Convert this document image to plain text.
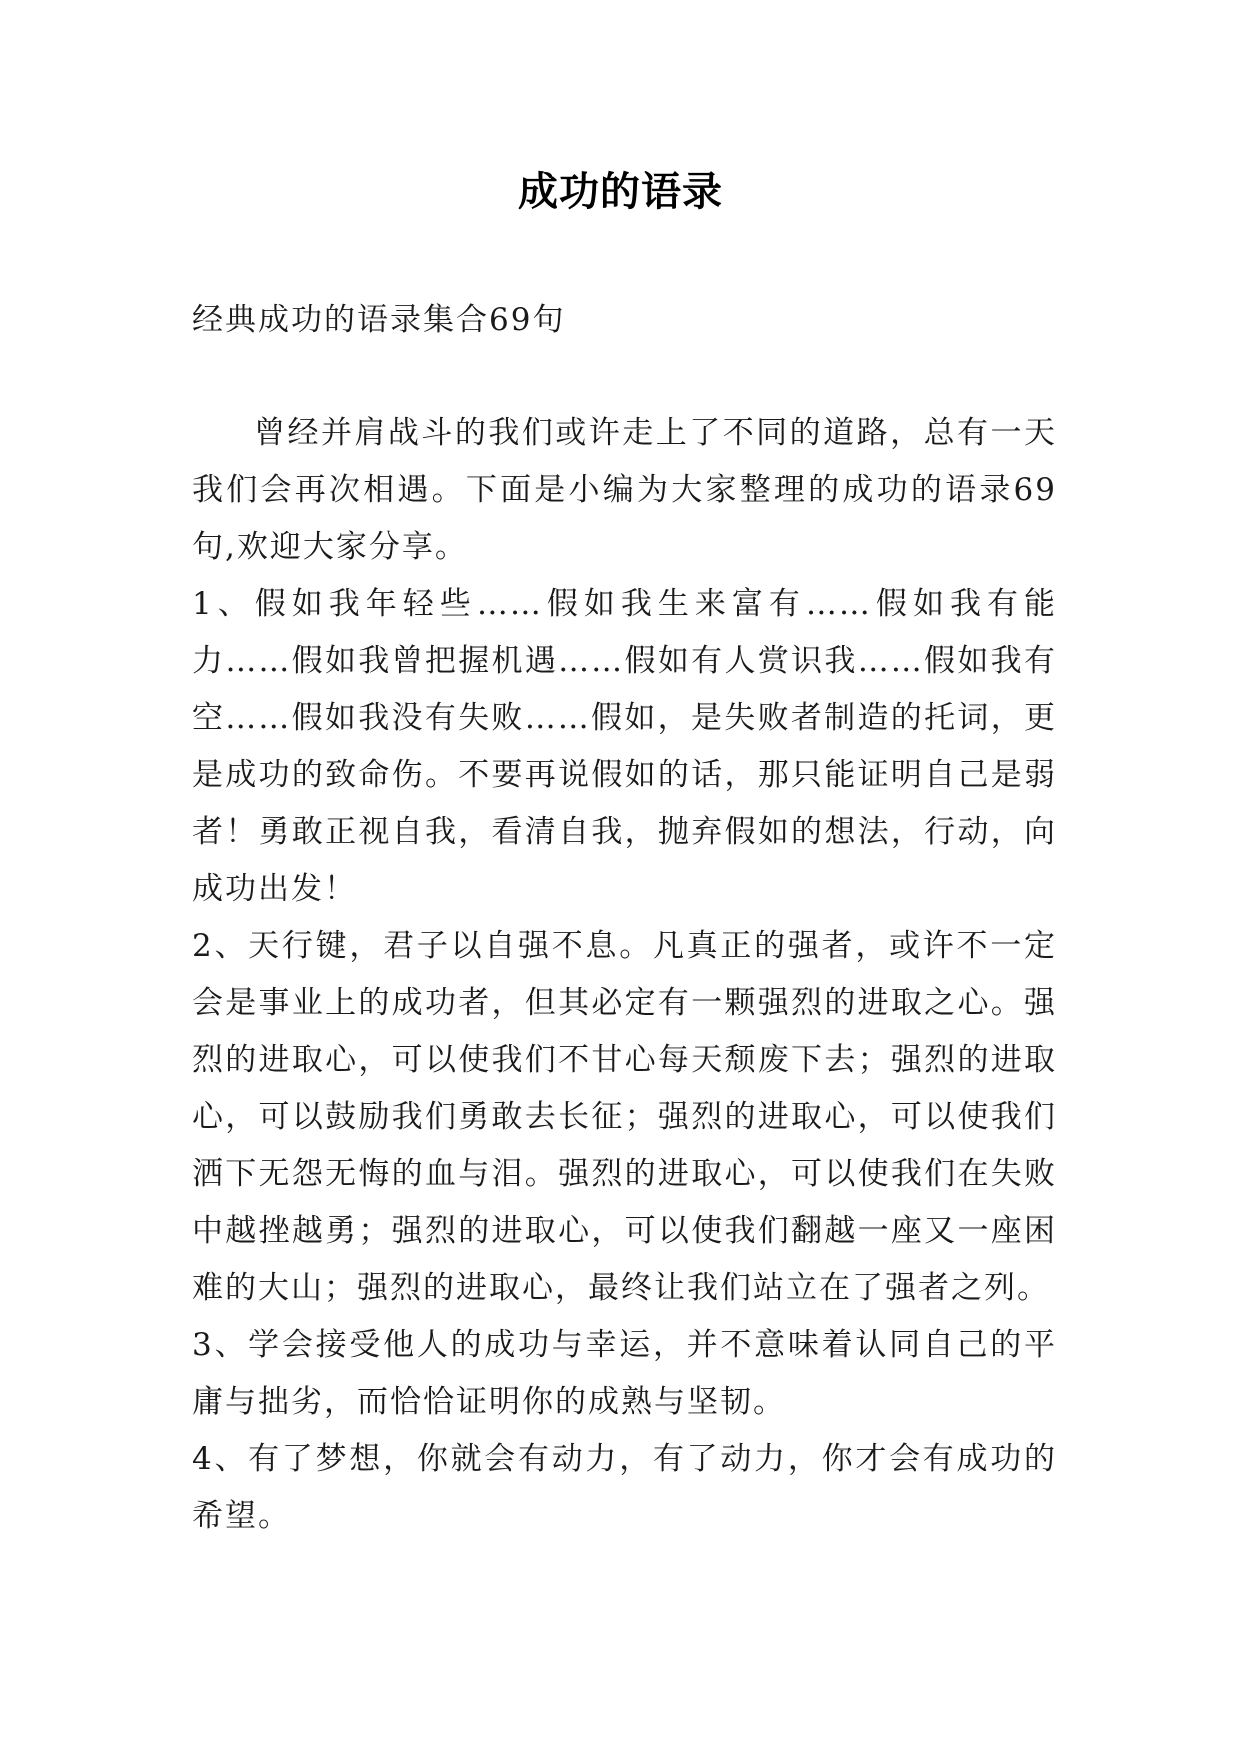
成功的语录
经典成功的语录集合69句

曾经并肩战斗的我们或许走上了不同的道路，总有一天我们会再次相遇。下面是小编为大家整理的成功的语录69句,欢迎大家分享。

1、假如我年轻些……假如我生来富有……假如我有能力……假如我曾把握机遇……假如有人赏识我……假如我有空……假如我没有失败……假如，是失败者制造的托词，更是成功的致命伤。不要再说假如的话，那只能证明自己是弱者！勇敢正视自我，看清自我，抛弃假如的想法，行动，向成功出发！

2、天行键，君子以自强不息。凡真正的强者，或许不一定会是事业上的成功者，但其必定有一颗强烈的进取之心。强烈的进取心，可以使我们不甘心每天颓废下去；强烈的进取心，可以鼓励我们勇敢去长征；强烈的进取心，可以使我们洒下无怨无悔的血与泪。强烈的进取心，可以使我们在失败中越挫越勇；强烈的进取心，可以使我们翻越一座又一座困难的大山；强烈的进取心，最终让我们站立在了强者之列。

3、学会接受他人的成功与幸运，并不意味着认同自己的平庸与拙劣，而恰恰证明你的成熟与坚韧。

4、有了梦想，你就会有动力，有了动力，你才会有成功的希望。
